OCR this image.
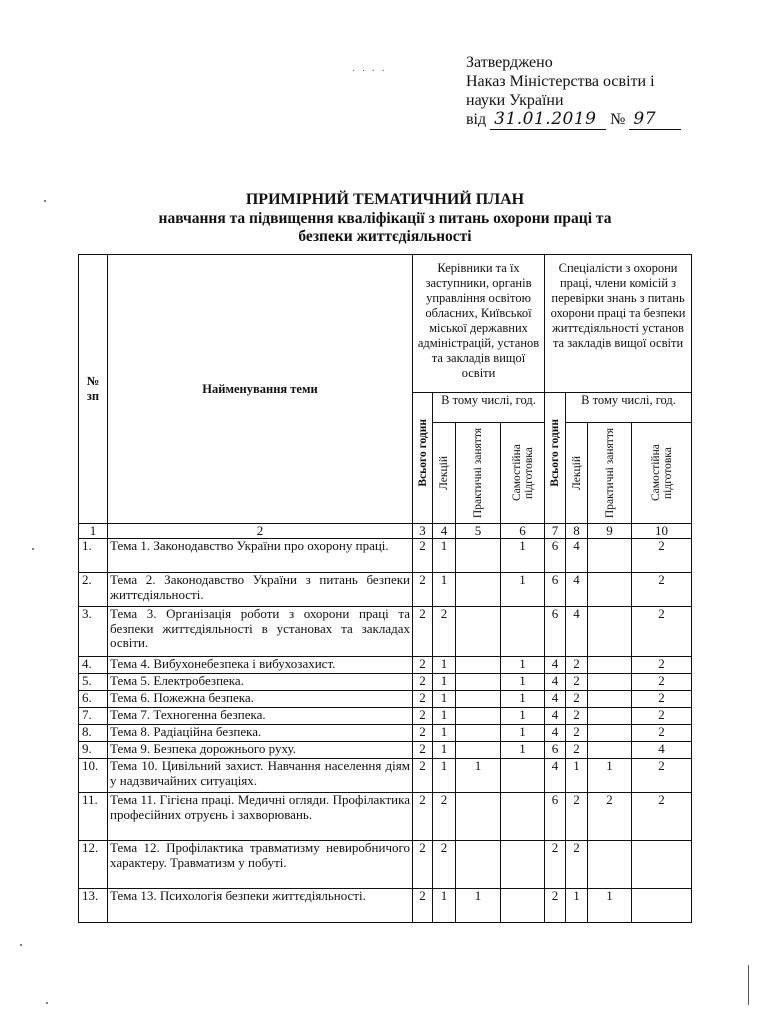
· · · ·
Затверджено
Наказ Міністерства освіти і
науки України
від 31.01.2019 № 97
ПРИМІРНИЙ ТЕМАТИЧНИЙ ПЛАН
навчання та підвищення кваліфікації з питань охорони праці та
безпеки життєдіяльності
№ зп	Найменування теми	Керівники та їх заступники, органів управління освітою обласних, Київської міської державних адміністрацій, установ та закладів вищої освіти				Спеціалісти з охорони праці, члени комісій з перевірки знань з питань охорони праці та безпеки життєдіяльності установ та закладів вищої освіти			

		Всього годин	В тому числі, год.			Всього годин	В тому числі, год.		

			Лекцій	Практичні заняття	Самостійна підготовка		Лекцій	Практичні заняття	Самостійна підготовка

1	2	3	4	5	6	7	8	9	10
1.	Тема 1. Законодавство України про охорону праці.	2	1		1	6	4		2
2.	Тема 2. Законодавство України з питань безпеки життєдіяльності.	2	1		1	6	4		2
3.	Тема 3. Організація роботи з охорони праці та безпеки життєдіяльності в установах та закладах освіти.	2	2			6	4		2
4.	Тема 4. Вибухонебезпека і вибухозахист.	2	1		1	4	2		2
5.	Тема 5. Електробезпека.	2	1		1	4	2		2
6.	Тема 6. Пожежна безпека.	2	1		1	4	2		2
7.	Тема 7. Техногенна безпека.	2	1		1	4	2		2
8.	Тема 8. Радіаційна безпека.	2	1		1	4	2		2
9.	Тема 9. Безпека дорожнього руху.	2	1		1	6	2		4
10.	Тема 10. Цивільний захист. Навчання населення діям у надзвичайних ситуаціях.	2	1	1		4	1	1	2
11.	Тема 11. Гігієна праці. Медичні огляди. Профілактика професійних отруєнь і захворювань.	2	2			6	2	2	2
12.	Тема 12. Профілактика травматизму невиробничого характеру. Травматизм у побуті.	2	2			2	2		
13.	Тема 13. Психологія безпеки життєдіяльності.	2	1	1		2	1	1	
